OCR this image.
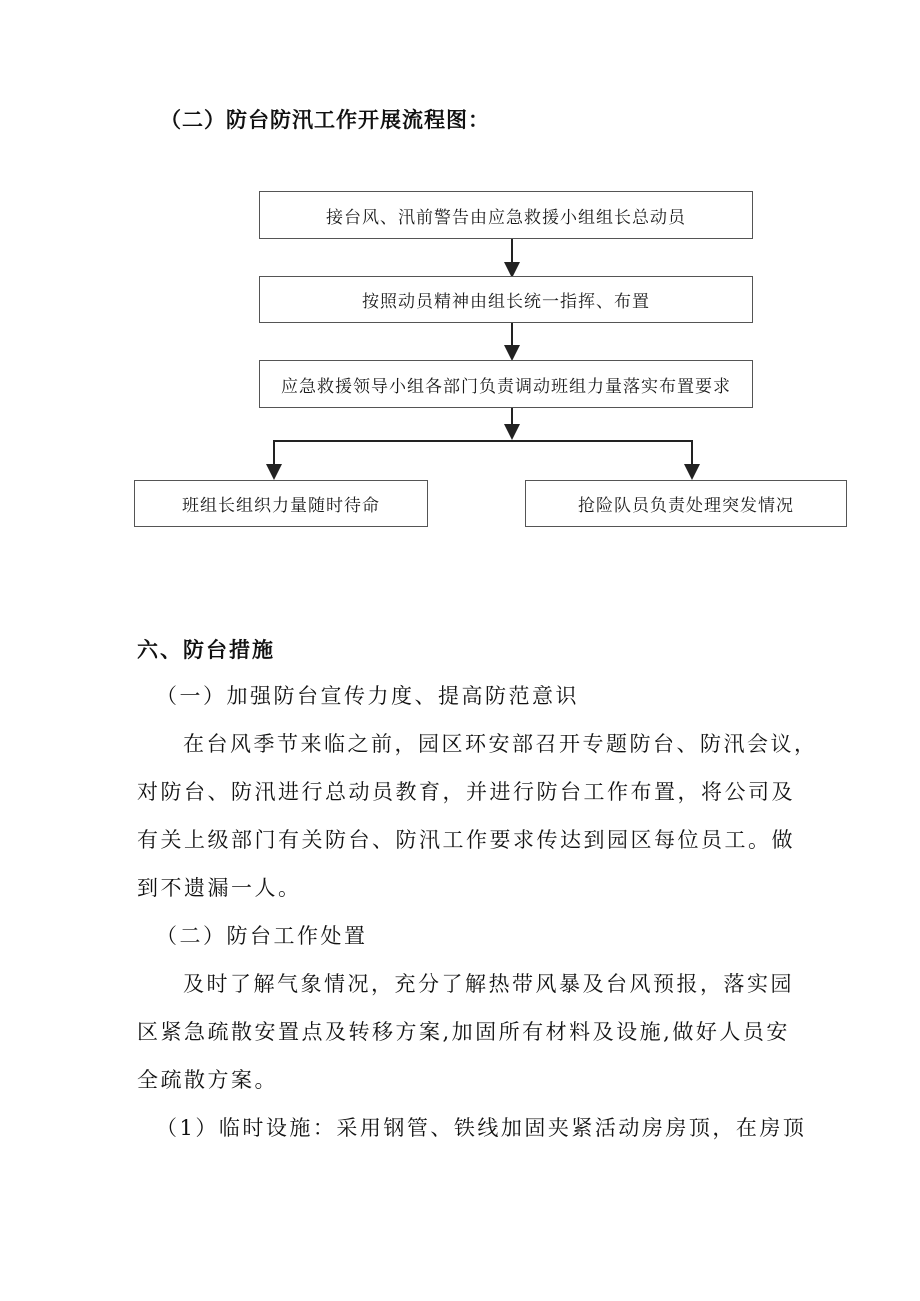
（二）防台防汛工作开展流程图：
接台风、汛前警告由应急救援小组组长总动员
按照动员精神由组长统一指挥、布置
应急救援领导小组各部门负责调动班组力量落实布置要求
班组长组织力量随时待命	抢险队员负责处理突发情况
六、防台措施
（一）加强防台宣传力度、提高防范意识
在台风季节来临之前，园区环安部召开专题防台、防汛会议，
对防台、防汛进行总动员教育，并进行防台工作布置，将公司及
有关上级部门有关防台、防汛工作要求传达到园区每位员工。做
到不遗漏一人。
（二）防台工作处置
及时了解气象情况，充分了解热带风暴及台风预报，落实园
区紧急疏散安置点及转移方案,加固所有材料及设施,做好人员安
全疏散方案。
（1）临时设施：采用钢管、铁线加固夹紧活动房房顶，在房顶
